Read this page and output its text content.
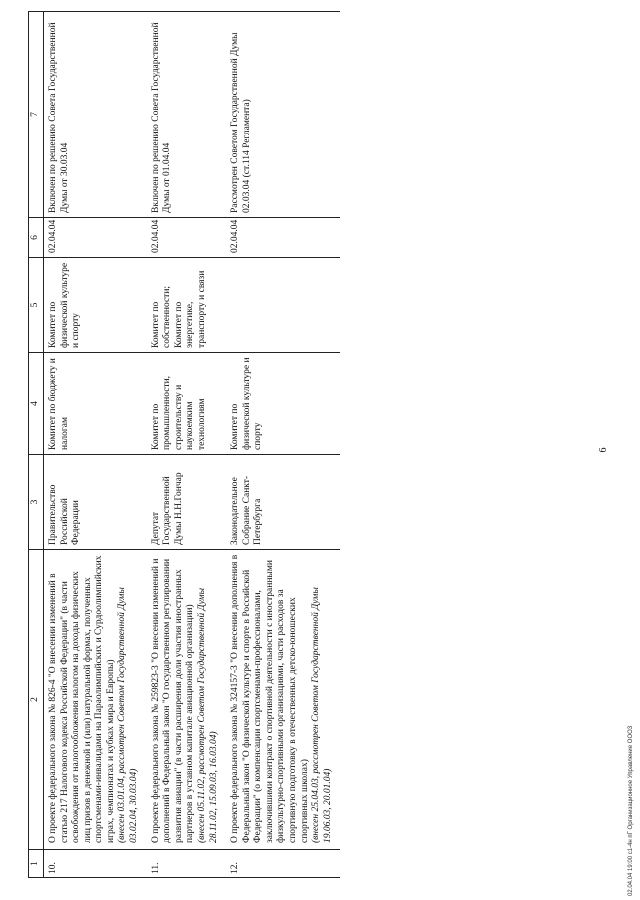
6
1	2	3	4	5	6	7
10.	О проекте федерального закона № 826-4 "О внесении изменений в статью 217 Налогового кодекса Российской Федерации" (в части освобождения от налогообложения налогом на доходы физических лиц призов в денежной и (или) натуральной формах, полученных спортсменами-инвалидами на Параолимпийских и Сурдоолимпийских играх, чемпионатах и кубках мира и Европы) (внесен 03.01.04, рассмотрен Советом Государственной Думы 03.02.04, 30.03.04)	Правительство Российской Федерации	Комитет по бюджету и налогам	Комитет по физической культуре и спорту	02.04.04	Включен по решению Совета Государственной Думы от 30.03.04
11.	О проекте федерального закона № 259823-3 "О внесении изменений и дополнений в Федеральный закон "О государственном регулировании развития авиации" (в части расширения доли участия иностранных партнеров в уставном капитале авиационной организации) (внесен 05.11.02, рассмотрен Советом Государственной Думы 28.11.02, 15.09.03, 16.03.04)	Депутат Государственной Думы Н.Н.Гончар	Комитет по промышленности, строительству и наукоемким технологиям	Комитет по собственности; Комитет по энергетике, транспорту и связи	02.04.04	Включен по решению Совета Государственной Думы от 01.04.04
12.	О проекте федерального закона № 324157-3 "О внесении дополнения в Федеральный закон "О физической культуре и спорте в Российской Федерации" (о компенсации спортсменами-профессионалами, заключившими контракт о спортивной деятельности с иностранными физкультурно-спортивными организациями, части расходов за спортивную подготовку в отечественных детско-юношеских спортивных школах) (внесен 25.04.03, рассмотрен Советом Государственной Думы 19.06.03, 20.01.04)	Законодательное Собрание Санкт-Петербурга	Комитет по физической культуре и спорту		02.04.04	Рассмотрен Советом Государственной Думы 02.03.04 (ст.114 Регламента)
02.04.04 19:00 с1-4н пГ Организационное Управление ООО3
